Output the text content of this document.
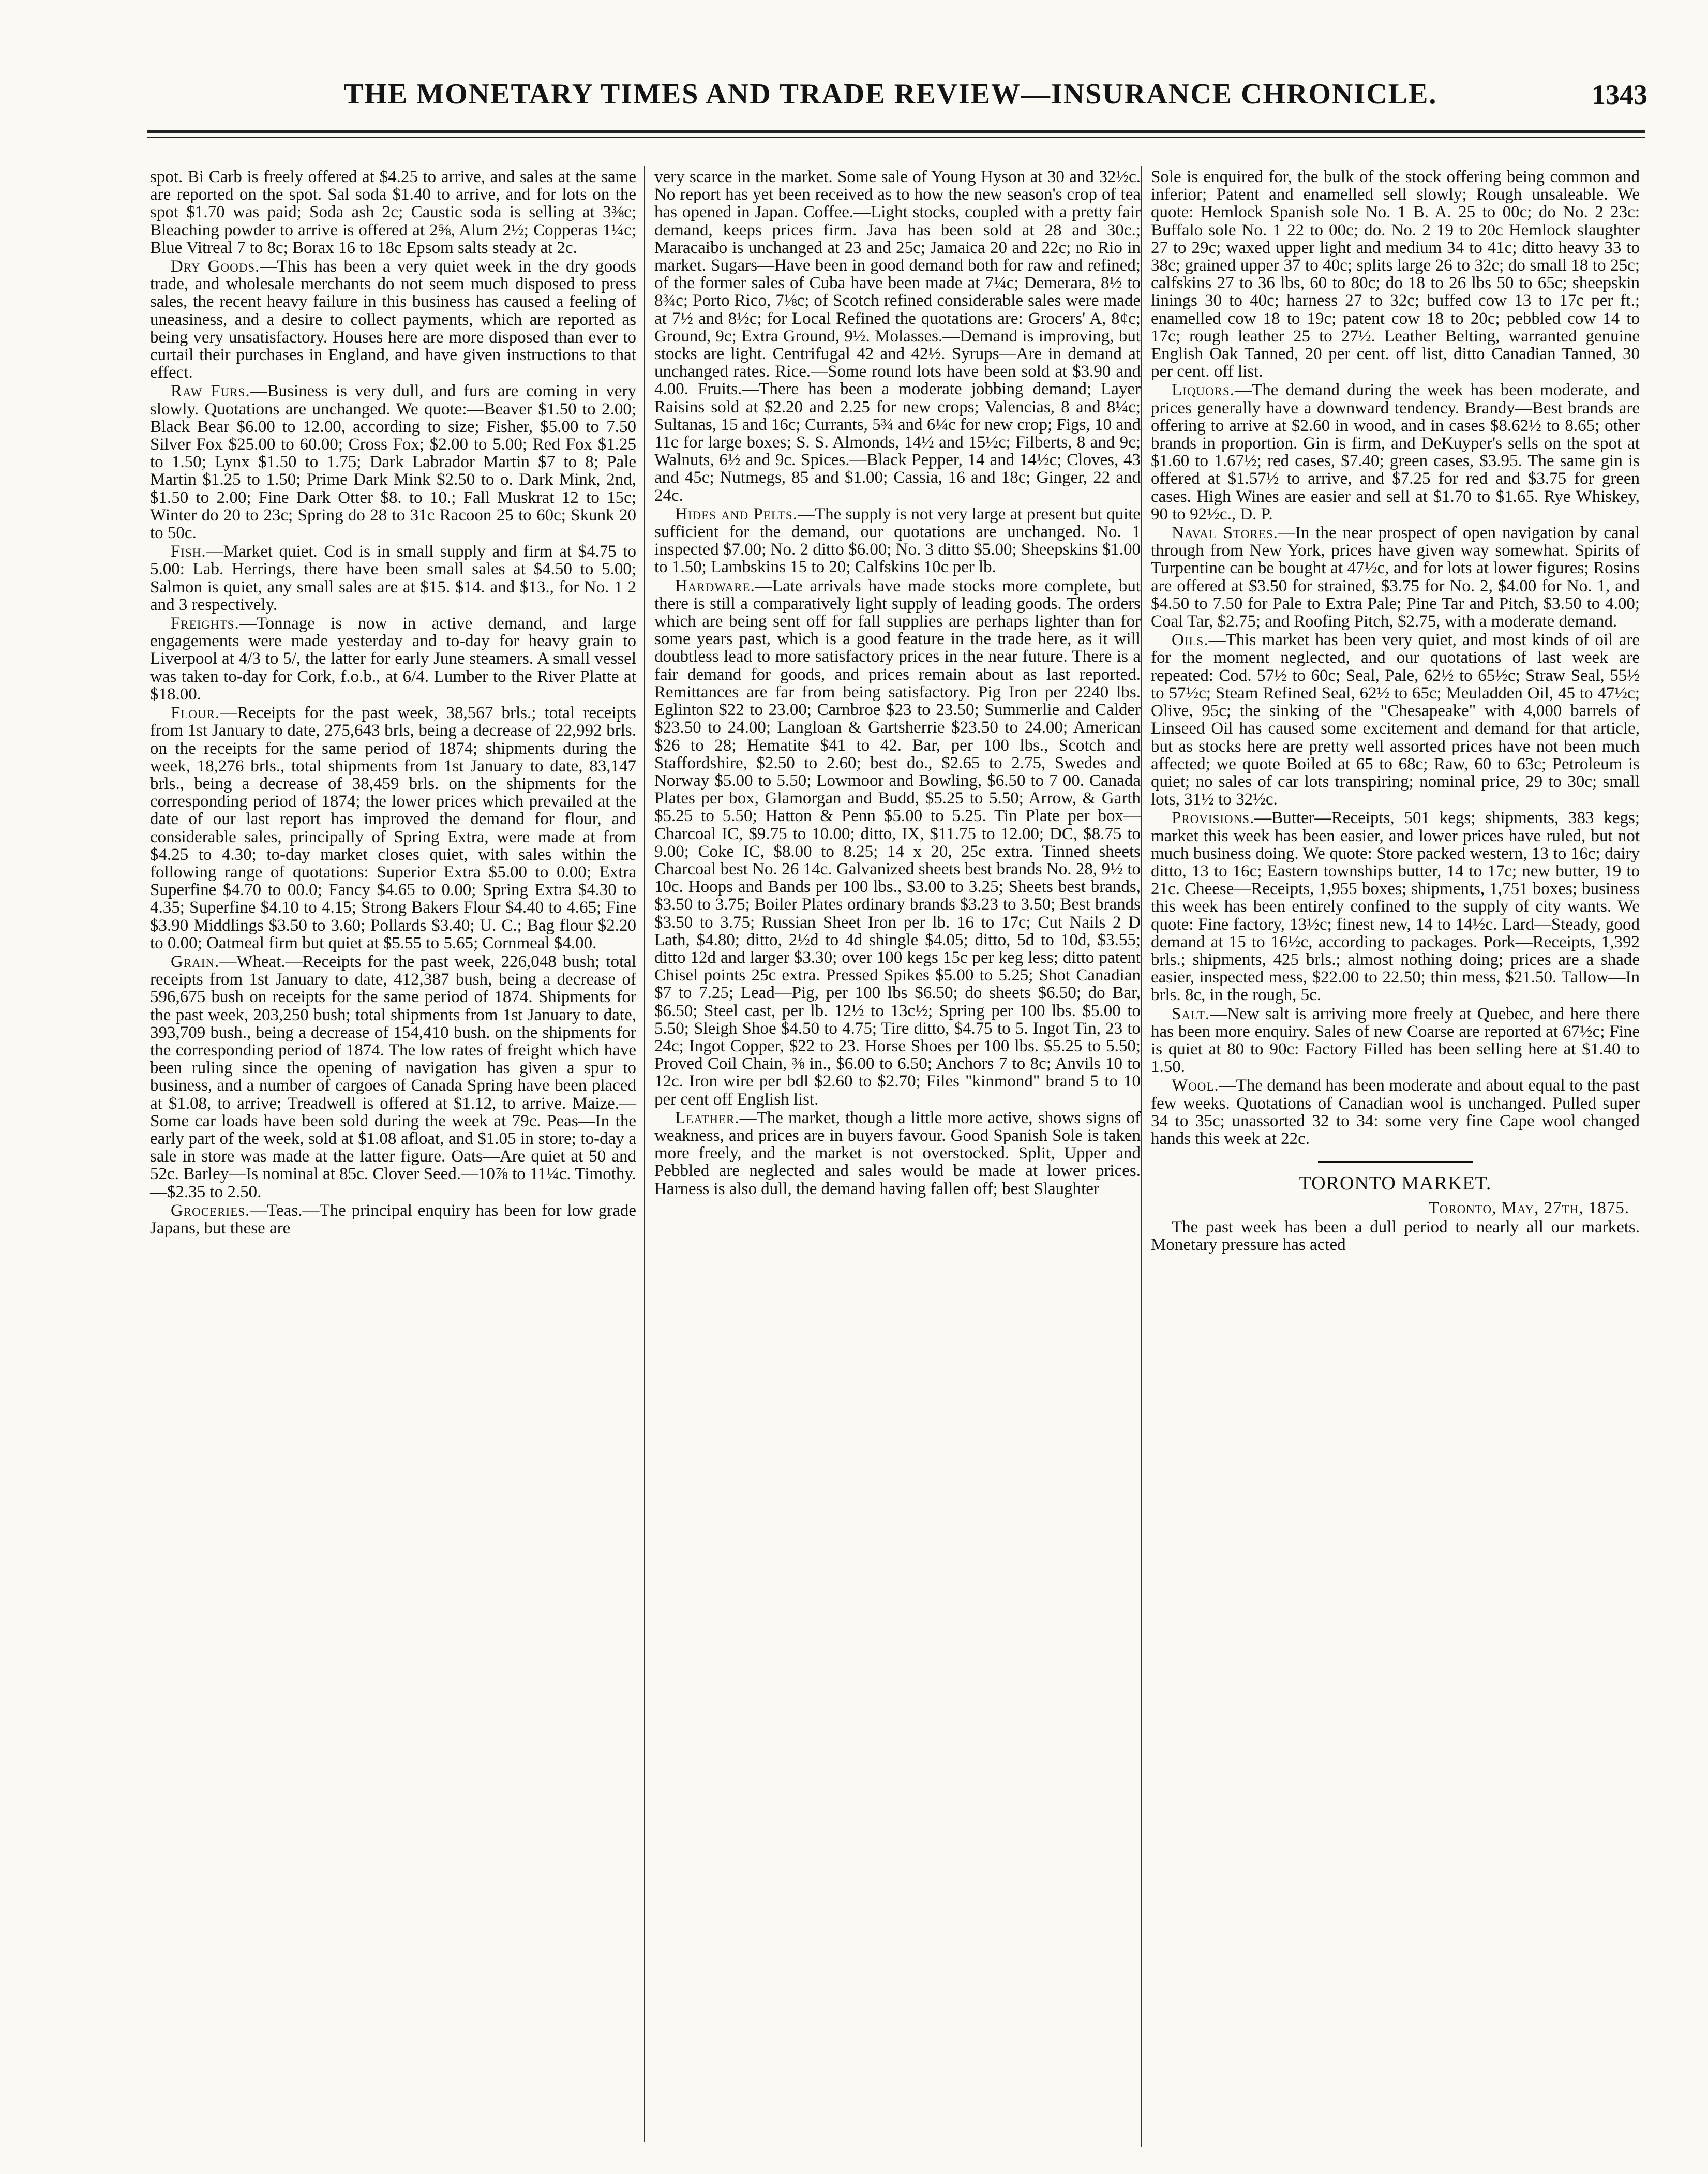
THE MONETARY TIMES AND TRADE REVIEW—INSURANCE CHRONICLE.	1343

spot. Bi Carb is freely offered at $4.25 to arrive, and sales at the same are reported on the spot. Sal soda $1.40 to arrive, and for lots on the spot $1.70 was paid; Soda ash 2c; Caustic soda is selling at 3⅜c; Bleaching powder to arrive is offered at 2⅝, Alum 2½; Copperas 1¼c; Blue Vitreal 7 to 8c; Borax 16 to 18c Epsom salts steady at 2c.

Dry Goods.—This has been a very quiet week in the dry goods trade, and wholesale merchants do not seem much disposed to press sales, the recent heavy failure in this business has caused a feeling of uneasiness, and a desire to collect payments, which are reported as being very unsatisfactory. Houses here are more disposed than ever to curtail their purchases in England, and have given instructions to that effect.

Raw Furs.—Business is very dull, and furs are coming in very slowly. Quotations are unchanged. We quote:—Beaver $1.50 to 2.00; Black Bear $6.00 to 12.00, according to size; Fisher, $5.00 to 7.50 Silver Fox $25.00 to 60.00; Cross Fox; $2.00 to 5.00; Red Fox $1.25 to 1.50; Lynx $1.50 to 1.75; Dark Labrador Martin $7 to 8; Pale Martin $1.25 to 1.50; Prime Dark Mink $2.50 to o. Dark Mink, 2nd, $1.50 to 2.00; Fine Dark Otter $8. to 10.; Fall Muskrat 12 to 15c; Winter do 20 to 23c; Spring do 28 to 31c Racoon 25 to 60c; Skunk 20 to 50c.

Fish.—Market quiet. Cod is in small supply and firm at $4.75 to 5.00: Lab. Herrings, there have been small sales at $4.50 to 5.00; Salmon is quiet, any small sales are at $15. $14. and $13., for No. 1 2 and 3 respectively.

Freights.—Tonnage is now in active demand, and large engagements were made yesterday and to-day for heavy grain to Liverpool at 4/3 to 5/, the latter for early June steamers. A small vessel was taken to-day for Cork, f.o.b., at 6/4. Lumber to the River Platte at $18.00.

Flour.—Receipts for the past week, 38,567 brls.; total receipts from 1st January to date, 275,643 brls, being a decrease of 22,992 brls. on the receipts for the same period of 1874; shipments during the week, 18,276 brls., total shipments from 1st January to date, 83,147 brls., being a decrease of 38,459 brls. on the shipments for the corresponding period of 1874; the lower prices which prevailed at the date of our last report has improved the demand for flour, and considerable sales, principally of Spring Extra, were made at from $4.25 to 4.30; to-day market closes quiet, with sales within the following range of quotations: Superior Extra $5.00 to 0.00; Extra Superfine $4.70 to 00.0; Fancy $4.65 to 0.00; Spring Extra $4.30 to 4.35; Superfine $4.10 to 4.15; Strong Bakers Flour $4.40 to 4.65; Fine $3.90 Middlings $3.50 to 3.60; Pollards $3.40; U. C.; Bag flour $2.20 to 0.00; Oatmeal firm but quiet at $5.55 to 5.65; Cornmeal $4.00.

Grain.—Wheat.—Receipts for the past week, 226,048 bush; total receipts from 1st January to date, 412,387 bush, being a decrease of 596,675 bush on receipts for the same period of 1874. Shipments for the past week, 203,250 bush; total shipments from 1st January to date, 393,709 bush., being a decrease of 154,410 bush. on the shipments for the corresponding period of 1874. The low rates of freight which have been ruling since the opening of navigation has given a spur to business, and a number of cargoes of Canada Spring have been placed at $1.08, to arrive; Treadwell is offered at $1.12, to arrive. Maize.—Some car loads have been sold during the week at 79c. Peas—In the early part of the week, sold at $1.08 afloat, and $1.05 in store; to-day a sale in store was made at the latter figure. Oats—Are quiet at 50 and 52c. Barley—Is nominal at 85c. Clover Seed.—10⅞ to 11¼c. Timothy.—$2.35 to 2.50.

Groceries.—Teas.—The principal enquiry has been for low grade Japans, but these are

very scarce in the market. Some sale of Young Hyson at 30 and 32½c. No report has yet been received as to how the new season's crop of tea has opened in Japan. Coffee.—Light stocks, coupled with a pretty fair demand, keeps prices firm. Java has been sold at 28 and 30c.; Maracaibo is unchanged at 23 and 25c; Jamaica 20 and 22c; no Rio in market. Sugars—Have been in good demand both for raw and refined; of the former sales of Cuba have been made at 7¼c; Demerara, 8½ to 8¾c; Porto Rico, 7⅛c; of Scotch refined considerable sales were made at 7½ and 8½c; for Local Refined the quotations are: Grocers' A, 8¢c; Ground, 9c; Extra Ground, 9½. Molasses.—Demand is improving, but stocks are light. Centrifugal 42 and 42½. Syrups—Are in demand at unchanged rates. Rice.—Some round lots have been sold at $3.90 and 4.00. Fruits.—There has been a moderate jobbing demand; Layer Raisins sold at $2.20 and 2.25 for new crops; Valencias, 8 and 8¼c; Sultanas, 15 and 16c; Currants, 5¾ and 6¼c for new crop; Figs, 10 and 11c for large boxes; S. S. Almonds, 14½ and 15½c; Filberts, 8 and 9c; Walnuts, 6½ and 9c. Spices.—Black Pepper, 14 and 14½c; Cloves, 43 and 45c; Nutmegs, 85 and $1.00; Cassia, 16 and 18c; Ginger, 22 and 24c.

Hides and Pelts.—The supply is not very large at present but quite sufficient for the demand, our quotations are unchanged. No. 1 inspected $7.00; No. 2 ditto $6.00; No. 3 ditto $5.00; Sheepskins $1.00 to 1.50; Lambskins 15 to 20; Calfskins 10c per lb.

Hardware.—Late arrivals have made stocks more complete, but there is still a comparatively light supply of leading goods. The orders which are being sent off for fall supplies are perhaps lighter than for some years past, which is a good feature in the trade here, as it will doubtless lead to more satisfactory prices in the near future. There is a fair demand for goods, and prices remain about as last reported. Remittances are far from being satisfactory. Pig Iron per 2240 lbs. Eglinton $22 to 23.00; Carnbroe $23 to 23.50; Summerlie and Calder $23.50 to 24.00; Langloan & Gartsherrie $23.50 to 24.00; American $26 to 28; Hematite $41 to 42. Bar, per 100 lbs., Scotch and Staffordshire, $2.50 to 2.60; best do., $2.65 to 2.75, Swedes and Norway $5.00 to 5.50; Lowmoor and Bowling, $6.50 to 7 00. Canada Plates per box, Glamorgan and Budd, $5.25 to 5.50; Arrow, & Garth $5.25 to 5.50; Hatton & Penn $5.00 to 5.25. Tin Plate per box—Charcoal IC, $9.75 to 10.00; ditto, IX, $11.75 to 12.00; DC, $8.75 to 9.00; Coke IC, $8.00 to 8.25; 14 x 20, 25c extra. Tinned sheets Charcoal best No. 26 14c. Galvanized sheets best brands No. 28, 9½ to 10c. Hoops and Bands per 100 lbs., $3.00 to 3.25; Sheets best brands, $3.50 to 3.75; Boiler Plates ordinary brands $3.23 to 3.50; Best brands $3.50 to 3.75; Russian Sheet Iron per lb. 16 to 17c; Cut Nails 2 D Lath, $4.80; ditto, 2½d to 4d shingle $4.05; ditto, 5d to 10d, $3.55; ditto 12d and larger $3.30; over 100 kegs 15c per keg less; ditto patent Chisel points 25c extra. Pressed Spikes $5.00 to 5.25; Shot Canadian $7 to 7.25; Lead—Pig, per 100 lbs $6.50; do sheets $6.50; do Bar, $6.50; Steel cast, per lb. 12½ to 13c½; Spring per 100 lbs. $5.00 to 5.50; Sleigh Shoe $4.50 to 4.75; Tire ditto, $4.75 to 5. Ingot Tin, 23 to 24c; Ingot Copper, $22 to 23. Horse Shoes per 100 lbs. $5.25 to 5.50; Proved Coil Chain, ⅜ in., $6.00 to 6.50; Anchors 7 to 8c; Anvils 10 to 12c. Iron wire per bdl $2.60 to $2.70; Files "kinmond" brand 5 to 10 per cent off English list.

Leather.—The market, though a little more active, shows signs of weakness, and prices are in buyers favour. Good Spanish Sole is taken more freely, and the market is not overstocked. Split, Upper and Pebbled are neglected and sales would be made at lower prices. Harness is also dull, the demand having fallen off; best Slaughter

Sole is enquired for, the bulk of the stock offering being common and inferior; Patent and enamelled sell slowly; Rough unsaleable. We quote: Hemlock Spanish sole No. 1 B. A. 25 to 00c; do No. 2 23c: Buffalo sole No. 1 22 to 00c; do. No. 2 19 to 20c Hemlock slaughter 27 to 29c; waxed upper light and medium 34 to 41c; ditto heavy 33 to 38c; grained upper 37 to 40c; splits large 26 to 32c; do small 18 to 25c; calfskins 27 to 36 lbs, 60 to 80c; do 18 to 26 lbs 50 to 65c; sheepskin linings 30 to 40c; harness 27 to 32c; buffed cow 13 to 17c per ft.; enamelled cow 18 to 19c; patent cow 18 to 20c; pebbled cow 14 to 17c; rough leather 25 to 27½. Leather Belting, warranted genuine English Oak Tanned, 20 per cent. off list, ditto Canadian Tanned, 30 per cent. off list.

Liquors.—The demand during the week has been moderate, and prices generally have a downward tendency. Brandy—Best brands are offering to arrive at $2.60 in wood, and in cases $8.62½ to 8.65; other brands in proportion. Gin is firm, and DeKuyper's sells on the spot at $1.60 to 1.67½; red cases, $7.40; green cases, $3.95. The same gin is offered at $1.57½ to arrive, and $7.25 for red and $3.75 for green cases. High Wines are easier and sell at $1.70 to $1.65. Rye Whiskey, 90 to 92½c., D. P.

Naval Stores.—In the near prospect of open navigation by canal through from New York, prices have given way somewhat. Spirits of Turpentine can be bought at 47½c, and for lots at lower figures; Rosins are offered at $3.50 for strained, $3.75 for No. 2, $4.00 for No. 1, and $4.50 to 7.50 for Pale to Extra Pale; Pine Tar and Pitch, $3.50 to 4.00; Coal Tar, $2.75; and Roofing Pitch, $2.75, with a moderate demand.

Oils.—This market has been very quiet, and most kinds of oil are for the moment neglected, and our quotations of last week are repeated: Cod. 57½ to 60c; Seal, Pale, 62½ to 65½c; Straw Seal, 55½ to 57½c; Steam Refined Seal, 62½ to 65c; Meuladden Oil, 45 to 47½c; Olive, 95c; the sinking of the "Chesapeake" with 4,000 barrels of Linseed Oil has caused some excitement and demand for that article, but as stocks here are pretty well assorted prices have not been much affected; we quote Boiled at 65 to 68c; Raw, 60 to 63c; Petroleum is quiet; no sales of car lots transpiring; nominal price, 29 to 30c; small lots, 31½ to 32½c.

Provisions.—Butter—Receipts, 501 kegs; shipments, 383 kegs; market this week has been easier, and lower prices have ruled, but not much business doing. We quote: Store packed western, 13 to 16c; dairy ditto, 13 to 16c; Eastern townships butter, 14 to 17c; new butter, 19 to 21c. Cheese—Receipts, 1,955 boxes; shipments, 1,751 boxes; business this week has been entirely confined to the supply of city wants. We quote: Fine factory, 13½c; finest new, 14 to 14½c. Lard—Steady, good demand at 15 to 16½c, according to packages. Pork—Receipts, 1,392 brls.; shipments, 425 brls.; almost nothing doing; prices are a shade easier, inspected mess, $22.00 to 22.50; thin mess, $21.50. Tallow—In brls. 8c, in the rough, 5c.

Salt.—New salt is arriving more freely at Quebec, and here there has been more enquiry. Sales of new Coarse are reported at 67½c; Fine is quiet at 80 to 90c: Factory Filled has been selling here at $1.40 to 1.50.

Wool.—The demand has been moderate and about equal to the past few weeks. Quotations of Canadian wool is unchanged. Pulled super 34 to 35c; unassorted 32 to 34: some very fine Cape wool changed hands this week at 22c.

TORONTO MARKET.
Toronto, May, 27th, 1875.

The past week has been a dull period to nearly all our markets. Monetary pressure has acted
